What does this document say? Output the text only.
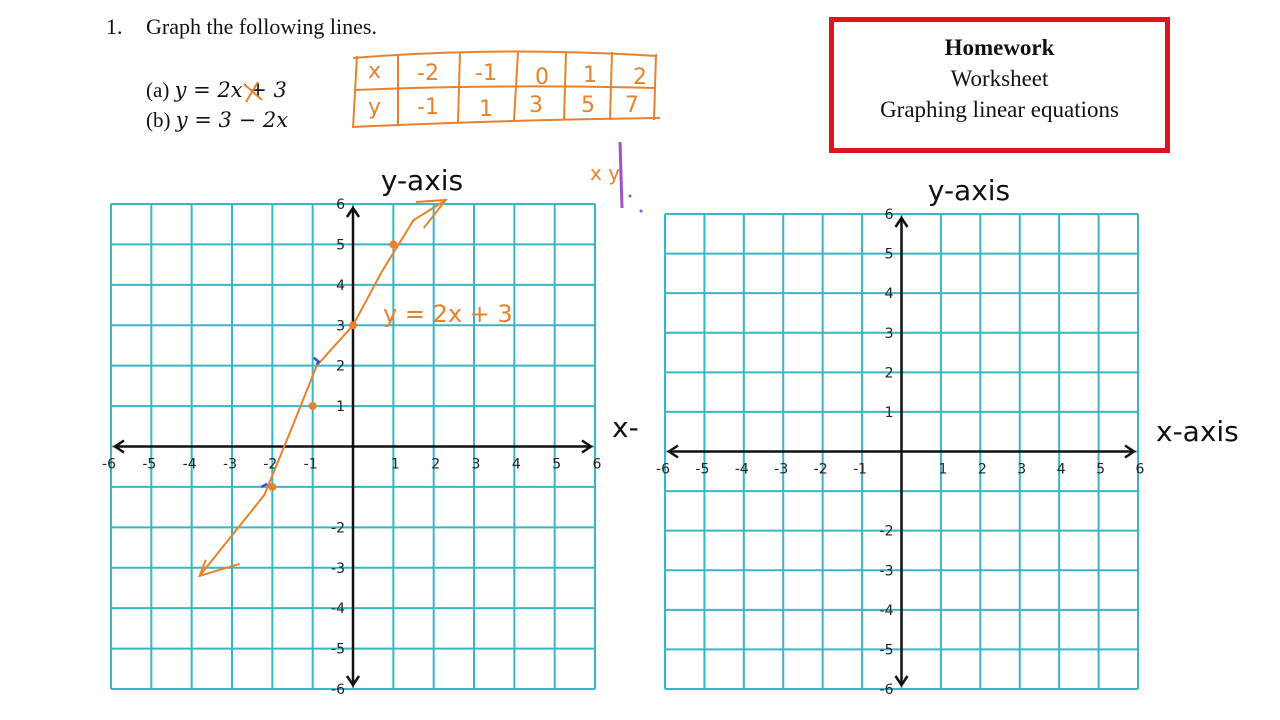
1. Graph the following lines.
(a) y = 2x + 3
(b) y = 3 − 2x
Homework
Worksheet
Graphing linear equations
-6 -5 -4 -3 -2 -1	1 2 3 4 5 6
6
5
4
3
2
1
-2
-3
-4
-5
-6
y-axis
x-
-6 -5 -4 -3 -2 -1	1 2 3 4 5 6
6
5
4
3
2
1
-2
-3
-4
-5
-6
y-axis
x-axis
x
y
-2 -1 0 1 2
-1 1 3 5 7
x y
y = 2x + 3
